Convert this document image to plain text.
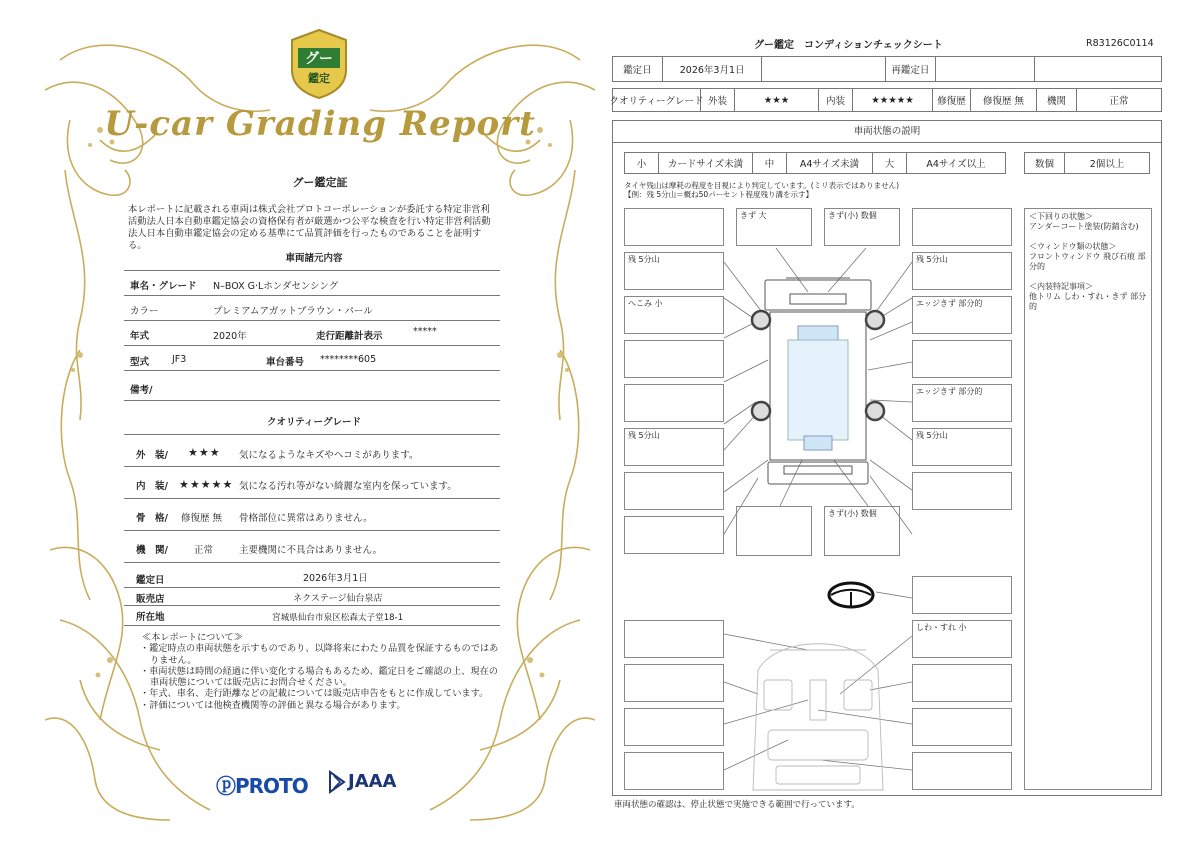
グー
鑑定
U-car Grading Report
グー鑑定証
本レポートに記載される車両は株式会社プロトコーポレーションが委託する特定非営利活動法人日本自動車鑑定協会の資格保有者が厳選かつ公平な検査を行い特定非営利活動法人日本自動車鑑定協会の定める基準にて品質評価を行ったものであることを証明する。
車両諸元内容
車名・グレード N–BOX G·Lホンダセンシング
カラー	プレミアムアガットブラウン・パール
年式	2020年	走行距離計表示	*****
型式 JF3	車台番号 ********605
備考/
クオリティーグレード
外　装/ ★★★ 気になるようなキズやヘコミがあります。
内　装/ ★★★★★ 気になる汚れ等がない綺麗な室内を保っています。
骨　格/ 修復歴 無 骨格部位に異常はありません。
機　関/	正常	主要機関に不具合はありません。
鑑定日	2026年3月1日
販売店	ネクステージ仙台泉店
所在地	宮城県仙台市泉区松森太子堂18-1
≪本レポートについて≫

・鑑定時点の車両状態を示すものであり、以降将来にわたり品質を保証するものではありません。

・車両状態は時間の経過に伴い変化する場合もあるため、鑑定日をご確認の上、現在の車両状態については販売店にお問合せください。

・年式、車名、走行距離などの記載については販売店申告をもとに作成しています。

・評価については他検査機関等の評価と異なる場合があります。

ⓟPROTO JAAA
グー鑑定　コンディションチェックシート	R83126C0114
鑑定日	2026年3月1日	再鑑定日
クオリティーグレード 外装	★★★	内装	★★★★★	修復歴	修復歴 無	機関	正常
車両状態の説明
小	カードサイズ未満	中	A4サイズ未満	大	A4サイズ以上	数個	2個以上
タイヤ残山は摩耗の程度を目視により判定しています。(ミリ表示ではありません)
【例：残 5分山＝概ね50パーセント程度残り溝を示す】
きず 大	きず(小) 数個
残 5分山	残 5分山
へこみ 小	エッジきず 部分的
エッジきず 部分的
残 5分山	残 5分山
きず(小) 数個
しわ・すれ 小
＜下回りの状態＞
アンダーコート塗装(防錆含む)
＜ウィンドウ類の状態＞
フロントウィンドウ 飛び石痕 部分的
＜内装特記事項＞
他トリム しわ・すれ・きず 部分的
車両状態の確認は、停止状態で実施できる範囲で行っています。
